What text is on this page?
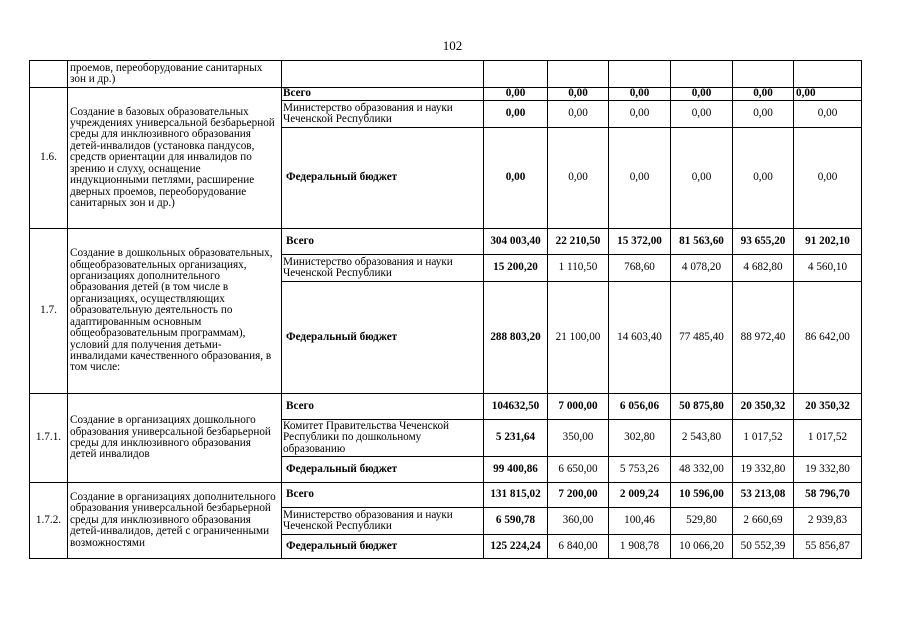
102
	проемов, переоборудование санитарных зон и др.)							
1.6.	Создание в базовых образовательных учреждениях универсальной безбарьерной среды для инклюзивного образования детей-инвалидов (установка пандусов, средств ориентации для инвалидов по зрению и слуху, оснащение индукционными петлями, расширение дверных проемов, переоборудование санитарных зон и др.)	Всего	0,00	0,00	0,00	0,00	0,00	0,00
		Министерство образования и науки Чеченской Республики	0,00	0,00	0,00	0,00	0,00	0,00
		Федеральный бюджет	0,00	0,00	0,00	0,00	0,00	0,00
1.7.	Создание в дошкольных образовательных, общеобразовательных организациях, организациях дополнительного образования детей (в том числе в организациях, осуществляющих образовательную деятельность по адаптированным основным общеобразовательным программам), условий для получения детьми-инвалидами качественного образования, в том числе:	Всего	304 003,40	22 210,50	15 372,00	81 563,60	93 655,20	91 202,10
		Министерство образования и науки Чеченской Республики	15 200,20	1 110,50	768,60	4 078,20	4 682,80	4 560,10
		Федеральный бюджет	288 803,20	21 100,00	14 603,40	77 485,40	88 972,40	86 642,00
1.7.1.	Создание в организациях дошкольного образования универсальной безбарьерной среды для инклюзивного образования детей инвалидов	Всего	104632,50	7 000,00	6 056,06	50 875,80	20 350,32	20 350,32
		Комитет Правительства Чеченской Республики по дошкольному образованию	5 231,64	350,00	302,80	2 543,80	1 017,52	1 017,52
		Федеральный бюджет	99 400,86	6 650,00	5 753,26	48 332,00	19 332,80	19 332,80
1.7.2.	Создание в организациях дополнительного образования универсальной безбарьерной среды для инклюзивного образования детей-инвалидов, детей с ограниченными возможностями	Всего	131 815,02	7 200,00	2 009,24	10 596,00	53 213,08	58 796,70
		Министерство образования и науки Чеченской Республики	6 590,78	360,00	100,46	529,80	2 660,69	2 939,83
		Федеральный бюджет	125 224,24	6 840,00	1 908,78	10 066,20	50 552,39	55 856,87
